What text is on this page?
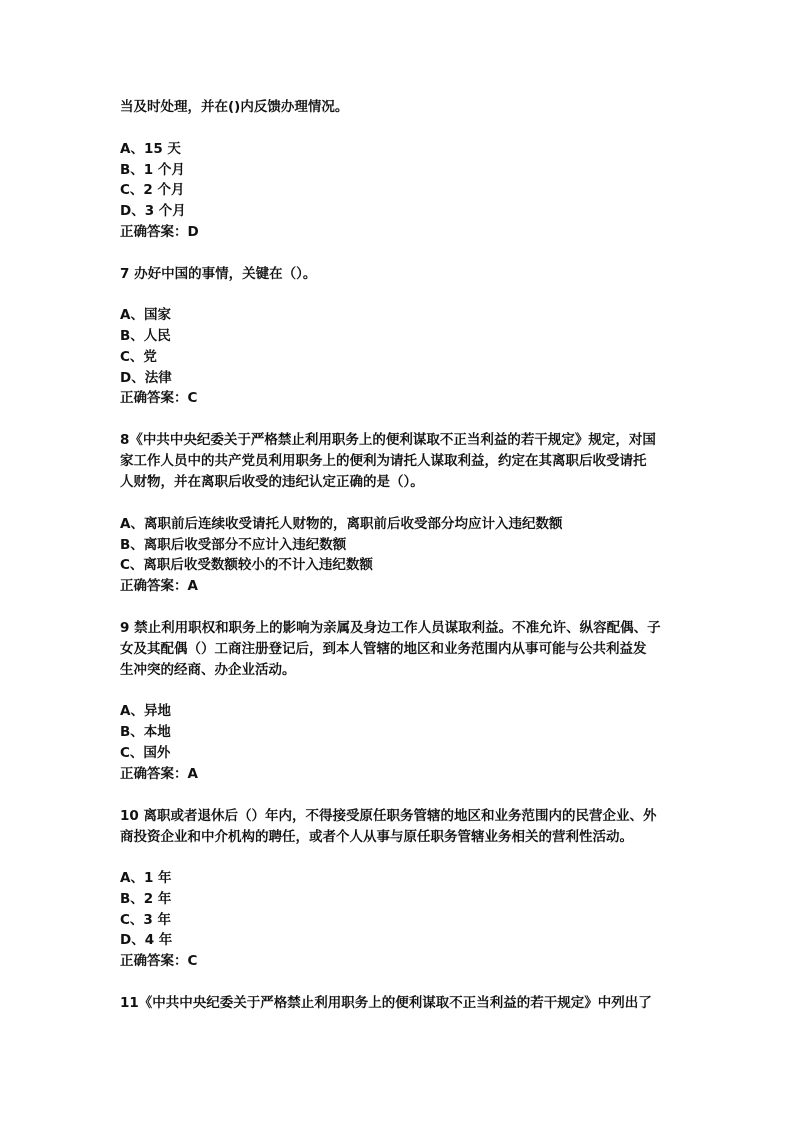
当及时处理，并在()内反馈办理情况。
A、15 天
B、1 个月
C、2 个月
D、3 个月
正确答案：D
7 办好中国的事情，关键在（）。
A、国家
B、人民
C、党
D、法律
正确答案：C
8《中共中央纪委关于严格禁止利用职务上的便利谋取不正当利益的若干规定》规定，对国
家工作人员中的共产党员利用职务上的便利为请托人谋取利益，约定在其离职后收受请托
人财物，并在离职后收受的违纪认定正确的是（）。
A、离职前后连续收受请托人财物的，离职前后收受部分均应计入违纪数额
B、离职后收受部分不应计入违纪数额
C、离职后收受数额较小的不计入违纪数额
正确答案：A
9 禁止利用职权和职务上的影响为亲属及身边工作人员谋取利益。不准允许、纵容配偶、子
女及其配偶（）工商注册登记后，到本人管辖的地区和业务范围内从事可能与公共利益发
生冲突的经商、办企业活动。
A、异地
B、本地
C、国外
正确答案：A
10 离职或者退休后（）年内，不得接受原任职务管辖的地区和业务范围内的民营企业、外
商投资企业和中介机构的聘任，或者个人从事与原任职务管辖业务相关的营利性活动。
A、1 年
B、2 年
C、3 年
D、4 年
正确答案：C
11《中共中央纪委关于严格禁止利用职务上的便利谋取不正当利益的若干规定》中列出了
